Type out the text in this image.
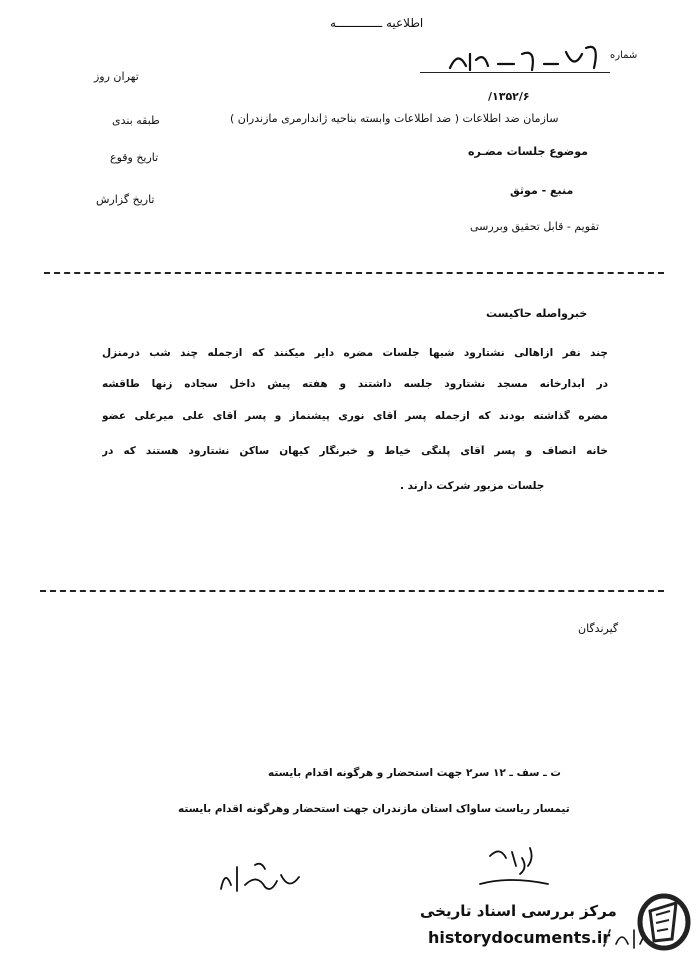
اطلاعیه ـــــــــــــه
شماره
۱۳۵۲/۶/
تهران روز
طبقه بندی
تاریخ وقوع
تاریخ گزارش
سازمان ضد اطلاعات ( ضد اطلاعات وابسته بناحیه ژاندارمری مازندران )
موضوع جلسات مضـره
منبع - موثق
تقویم - قابل تحقیق وبررسی
خبرواصله حاکیست
چند نفر ازاهالی نشتارود شبها جلسات مضره دایر میکنند که ازجمله چند شب درمنزل
در آبدارخانه مسجد نشتارود جلسه داشتند و هفته پیش داخل سجاده زنها طاقشه
مضره گذاشته بودند که ازجمله پسر آقای نوری پیشنماز و پسر آقای علی میرعلی عضو
خانه انصاف و پسر آقای پلنگی خیاط و خبرنگار کیهان ساکن نشتارود هستند که در
جلسات مزبور شرکت دارند .
گیرندگان
ت ـ سف ـ ۱۲ سر۲ جهت استحضار و هرگونه اقدام بایسته
تیمسار ریاست ساواک استان مازندران جهت استحضار وهرگونه اقدام بایسته
مرکز بررسی اسناد تاریخی
historydocuments.ir
